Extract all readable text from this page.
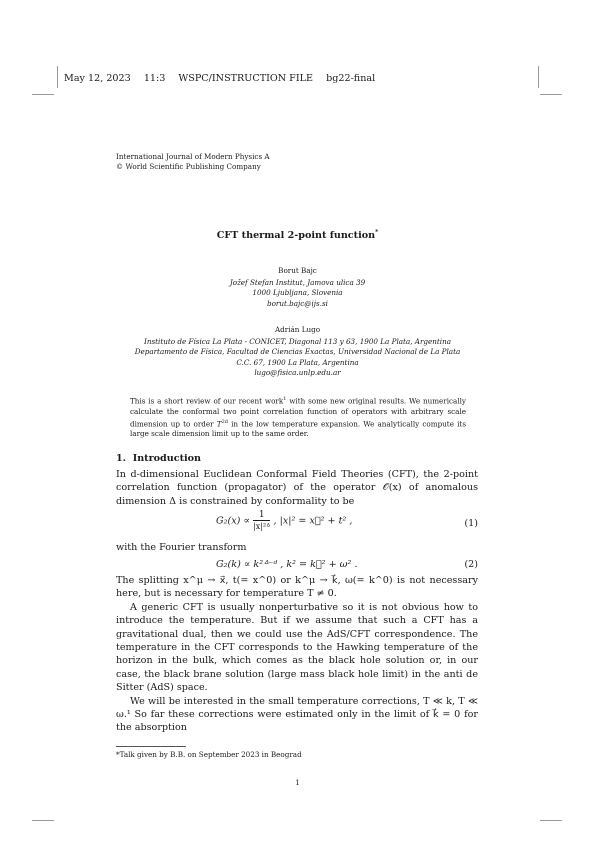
May 12, 2023 11:3 WSPC/INSTRUCTION FILE bg22-final
International Journal of Modern Physics A
© World Scientific Publishing Company
CFT thermal 2-point function*
Borut Bajc
Jožef Stefan Institut, Jamova ulica 39
1000 Ljubljana, Slovenia
borut.bajc@ijs.si
Adrián Lugo
Instituto de Física La Plata - CONICET, Diagonal 113 y 63, 1900 La Plata, Argentina
Departamento de Física, Facultad de Ciencias Exactas, Universidad Nacional de La Plata
C.C. 67, 1900 La Plata, Argentina
lugo@fisica.unlp.edu.ar
This is a short review of our recent work$^1$ with some new original results. We numerically calculate the conformal two point correlation function of operators with arbitrary scale dimension up to order $T^{2d}$ in the low temperature expansion. We analytically compute its large scale dimension limit up to the same order.
1. Introduction

In d-dimensional Euclidean Conformal Field Theories (CFT), the 2-point correlation function (propagator) of the operator 𝒪(x) of anomalous dimension Δ is constrained by conformality to be

$G_2(x) \propto \frac{1}{\text{|x|²ᐞ}}$ , |x|² = x⃗² + t² ,	(1)

with the Fourier transform

G₂(k) ∝ k²ᐞ⁻ᵈ , k² = k⃗² + ω² .	(2)

The splitting x^μ → x⃗, t(= x^0) or k^μ → k⃗, ω(= k^0) is not necessary here, but is necessary for temperature T ≠ 0.

A generic CFT is usually nonperturbative so it is not obvious how to introduce the temperature. But if we assume that such a CFT has a gravitational dual, then we could use the AdS/CFT correspondence. The temperature in the CFT corresponds to the Hawking temperature of the horizon in the bulk, which comes as the black hole solution or, in our case, the black brane solution (large mass black hole limit) in the anti de Sitter (AdS) space.

We will be interested in the small temperature corrections, T ≪ k, T ≪ ω.¹ So far these corrections were estimated only in the limit of k⃗ = 0 for the absorption

*Talk given by B.B. on September 2023 in Beograd
1
